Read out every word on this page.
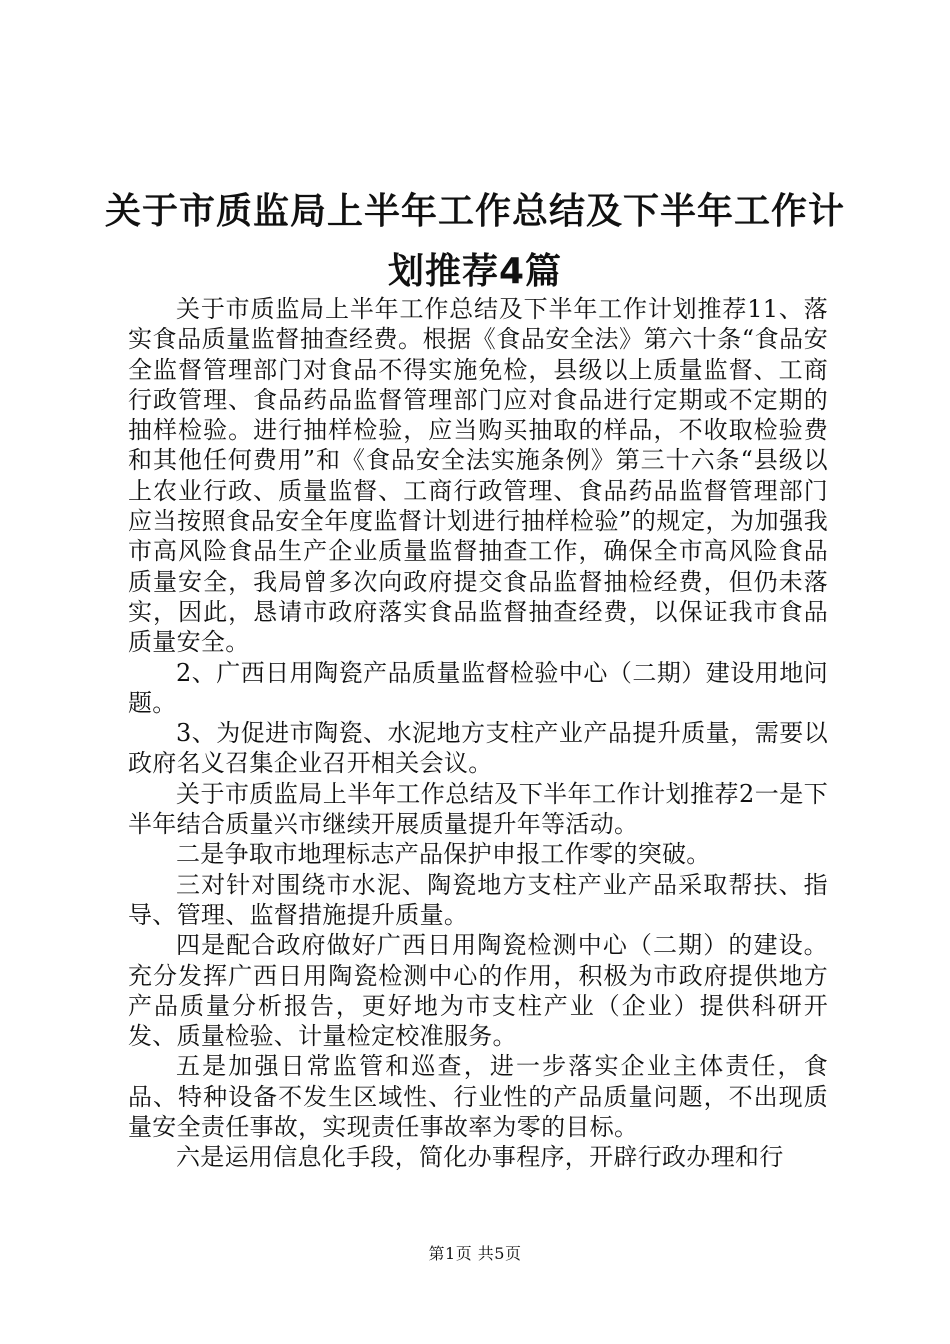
关于市质监局上半年工作总结及下半年工作计划推荐4篇

关于市质监局上半年工作总结及下半年工作计划推荐11、落实食品质量监督抽查经费。根据《食品安全法》第六十条“食品安全监督管理部门对食品不得实施免检，县级以上质量监督、工商行政管理、食品药品监督管理部门应对食品进行定期或不定期的抽样检验。进行抽样检验，应当购买抽取的样品，不收取检验费和其他任何费用”和《食品安全法实施条例》第三十六条“县级以上农业行政、质量监督、工商行政管理、食品药品监督管理部门应当按照食品安全年度监督计划进行抽样检验”的规定，为加强我市高风险食品生产企业质量监督抽查工作，确保全市高风险食品质量安全，我局曾多次向政府提交食品监督抽检经费，但仍未落实，因此，恳请市政府落实食品监督抽查经费，以保证我市食品质量安全。

2、广西日用陶瓷产品质量监督检验中心（二期）建设用地问题。

3、为促进市陶瓷、水泥地方支柱产业产品提升质量，需要以政府名义召集企业召开相关会议。

关于市质监局上半年工作总结及下半年工作计划推荐2一是下半年结合质量兴市继续开展质量提升年等活动。

二是争取市地理标志产品保护申报工作零的突破。

三对针对围绕市水泥、陶瓷地方支柱产业产品采取帮扶、指导、管理、监督措施提升质量。

四是配合政府做好广西日用陶瓷检测中心（二期）的建设。充分发挥广西日用陶瓷检测中心的作用，积极为市政府提供地方产品质量分析报告，更好地为市支柱产业（企业）提供科研开发、质量检验、计量检定校准服务。

五是加强日常监管和巡查，进一步落实企业主体责任，食品、特种设备不发生区域性、行业性的产品质量问题，不出现质量安全责任事故，实现责任事故率为零的目标。

六是运用信息化手段，简化办事程序，开辟行政办理和行

第1页 共5页
